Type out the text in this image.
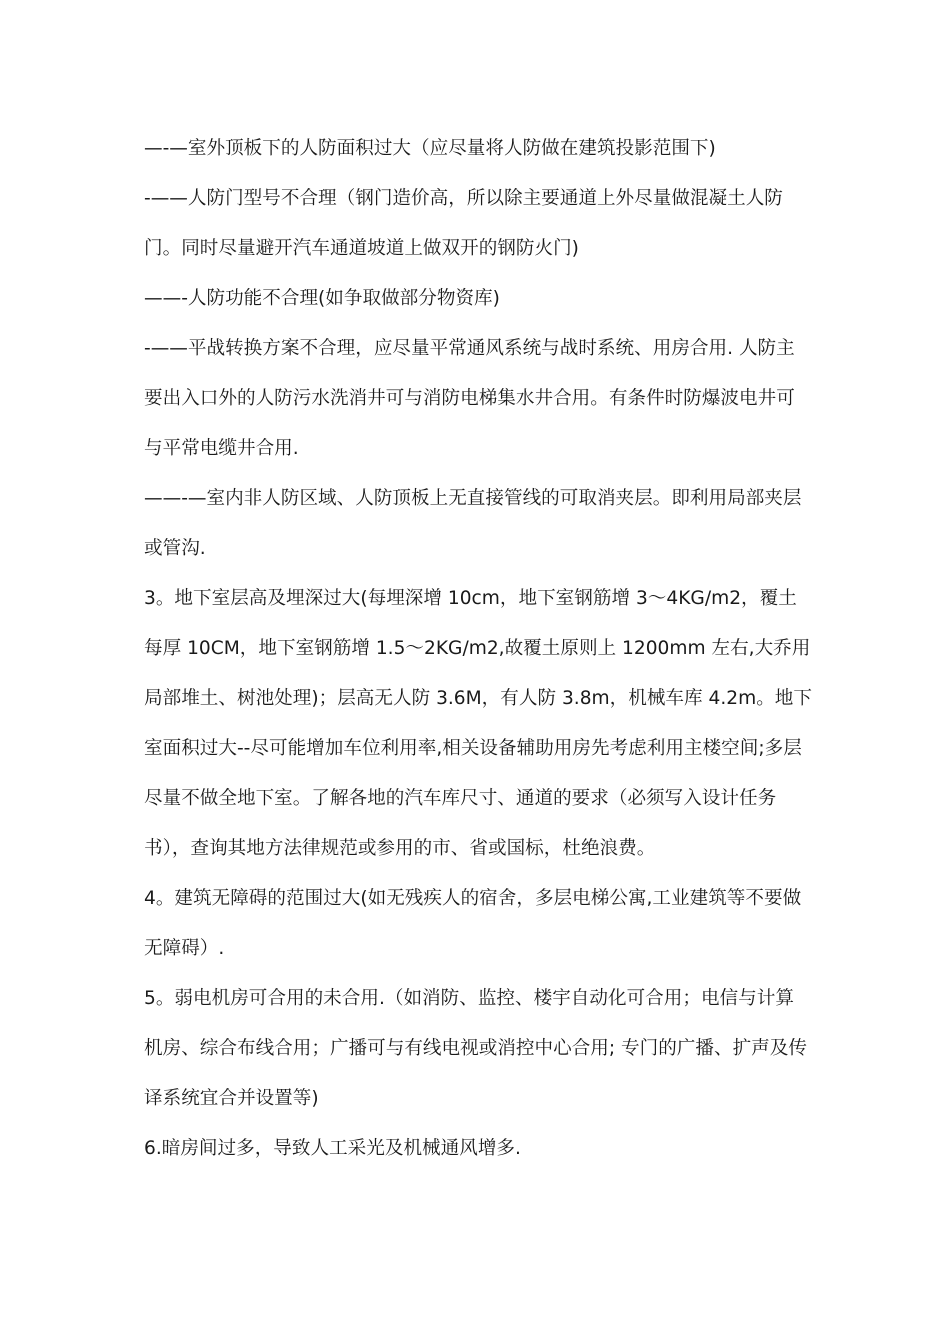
—-—室外顶板下的人防面积过大（应尽量将人防做在建筑投影范围下)

-——人防门型号不合理（钢门造价高，所以除主要通道上外尽量做混凝土人防门。同时尽量避开汽车通道坡道上做双开的钢防火门)

——-人防功能不合理(如争取做部分物资库)

-——平战转换方案不合理，应尽量平常通风系统与战时系统、用房合用. 人防主要出入口外的人防污水洗消井可与消防电梯集水井合用。有条件时防爆波电井可与平常电缆井合用.

——-—室内非人防区域、人防顶板上无直接管线的可取消夹层。即利用局部夹层或管沟.

3。地下室层高及埋深过大(每埋深增 10cm，地下室钢筋增 3～4KG/m2，覆土每厚 10CM，地下室钢筋增 1.5～2KG/m2,故覆土原则上 1200mm 左右,大乔用局部堆土、树池处理)；层高无人防 3.6M，有人防 3.8m，机械车库 4.2m。地下室面积过大--尽可能增加车位利用率,相关设备辅助用房先考虑利用主楼空间;多层尽量不做全地下室。了解各地的汽车库尺寸、通道的要求（必须写入设计任务书），查询其地方法律规范或参用的市、省或国标，杜绝浪费。

4。建筑无障碍的范围过大(如无残疾人的宿舍，多层电梯公寓,工业建筑等不要做无障碍）.

5。弱电机房可合用的未合用.（如消防、监控、楼宇自动化可合用；电信与计算机房、综合布线合用；广播可与有线电视或消控中心合用; 专门的广播、扩声及传译系统宜合并设置等)

6.暗房间过多，导致人工采光及机械通风增多.
